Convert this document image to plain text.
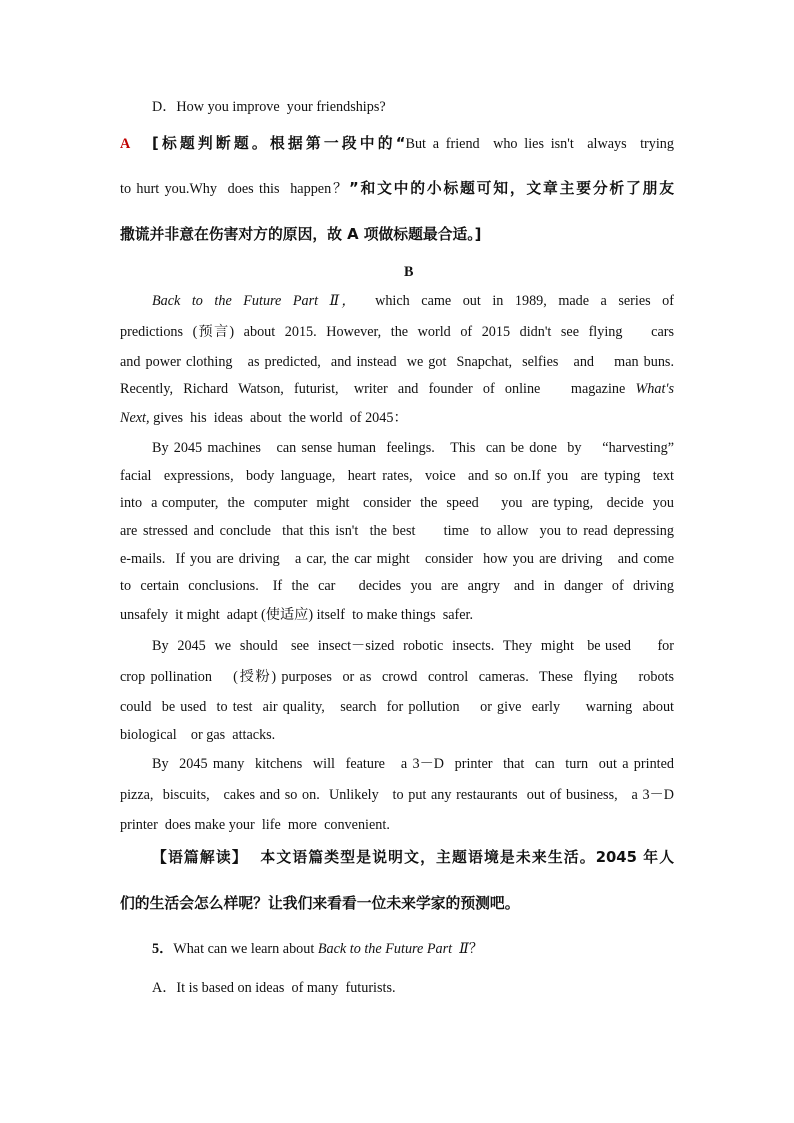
D．How you improve  your friendships?

A [标题判断题。根据第一段中的“But a friend  who lies isn't  always  trying

to hurt you.Why  does this  happen？”和文中的小标题可知，文章主要分析了朋友

撒谎并非意在伤害对方的原因，故 A 项做标题最合适。]

B

Back  to  the  Future  Part  Ⅱ，   which  came  out  in  1989,  made  a  series  of

predictions  (预言)  about  2015.  However,  the  world  of  2015  didn't  see  flying      cars

and power clothing   as predicted,  and instead  we got  Snapchat,  selfies   and    man buns.

Recently,  Richard  Watson,  futurist,   writer  and  founder  of  online      magazine  What's

Next, gives  his  ideas  about  the world  of 2045：

By 2045 machines   can sense human  feelings.   This  can be done  by    “harvesting”

facial  expressions,  body language,  heart rates,  voice  and so on.If you  are typing  text

into  a computer,  the  computer  might   consider  the  speed     you  are typing,   decide  you

are stressed and conclude  that this isn't  the best     time  to allow  you to read depressing

e-mails.  If you are driving   a car, the car might   consider  how you are driving   and come

to  certain  conclusions.   If  the  car     decides  you  are  angry   and  in  danger  of  driving

unsafely  it might  adapt (使适应) itself  to make things  safer.

By  2045  we  should   see  insect－sized  robotic  insects.  They  might   be used      for

crop pollination    (授粉) purposes  or as  crowd  control  cameras.  These  flying    robots

could  be used  to test  air quality,   search  for pollution    or give  early     warning  about

biological    or gas  attacks.

By  2045 many  kitchens  will  feature   a 3－D  printer  that  can  turn  out a printed

pizza,  biscuits,   cakes and so on.  Unlikely   to put any restaurants  out of business,   a 3－D

printer  does make your  life  more  convenient.

【语篇解读】  本文语篇类型是说明文，主题语境是未来生活。2045 年人

们的生活会怎么样呢？让我们来看看一位未来学家的预测吧。

5．What can we learn about Back to the Future Part  Ⅱ？

A．It is based on ideas  of many  futurists.
